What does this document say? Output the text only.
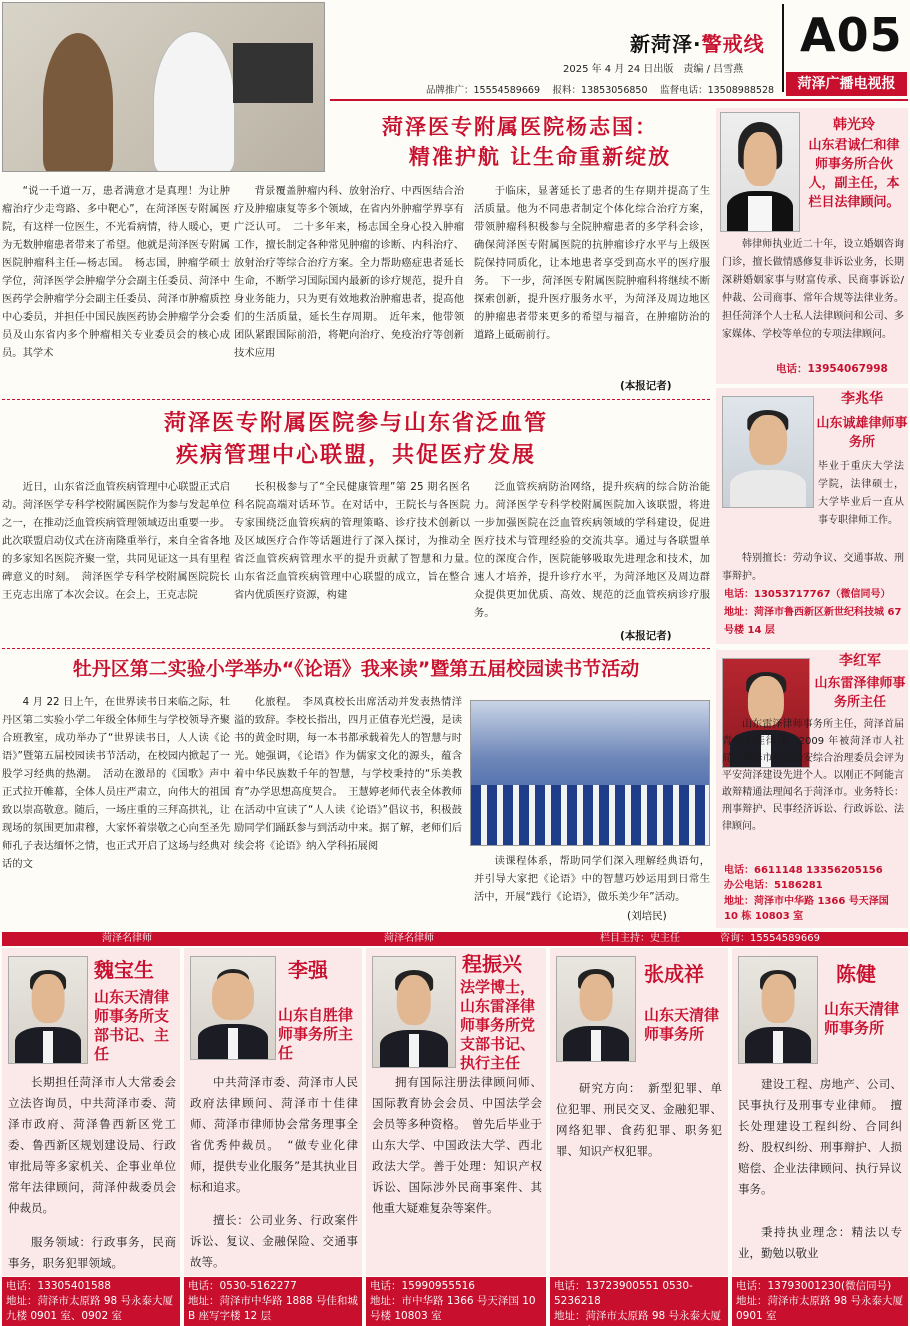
新菏泽·警戒线 A05
2025 年 4 月 24 日出版　责编 / 吕雪燕
品牌推广：15554589669　 报料：13853056850　 监督电话：13508988528	菏泽广播电视报
菏泽医专附属医院杨志国：
精准护航 让生命重新绽放

“说一千道一万，患者满意才是真理！为让肿瘤治疗少走弯路、多中靶心”，在菏泽医专附属医院，有这样一位医生，不光看病情，待人暖心，更为无数肿瘤患者带来了希望。他就是菏泽医专附属医院肿瘤科主任—杨志国。　杨志国，肿瘤学硕士学位，菏泽医学会肿瘤学分会副主任委员、菏泽中医药学会肿瘤学分会副主任委员、菏泽市肿瘤质控中心委员，并担任中国民族医药协会肿瘤学分会委员及山东省内多个肿瘤相关专业委员会的核心成员。其学术

背景覆盖肿瘤内科、放射治疗、中西医结合治疗及肿瘤康复等多个领域，在省内外肿瘤学界享有广泛认可。　二十多年来，杨志国全身心投入肿瘤工作，擅长制定各种常见肿瘤的诊断、内科治疗、放射治疗等综合治疗方案。全力帮助癌症患者延长生命，不断学习国际国内最新的诊疗规范，提升自身业务能力，只为更有效地救治肿瘤患者，提高他们的生活质量，延长生存周期。　近年来，他带领团队紧跟国际前沿，将靶向治疗、免疫治疗等创新技术应用

于临床，显著延长了患者的生存期并提高了生活质量。他为不同患者制定个体化综合治疗方案，带领肿瘤科积极参与全院肿瘤患者的多学科会诊，确保菏泽医专附属医院的抗肿瘤诊疗水平与上级医院保持同质化，让本地患者享受到高水平的医疗服务。　下一步，菏泽医专附属医院肿瘤科将继续不断探索创新，提升医疗服务水平，为菏泽及周边地区的肿瘤患者带来更多的希望与福音，在肿瘤防治的道路上砥砺前行。

(本报记者)
菏泽医专附属医院参与山东省泛血管
疾病管理中心联盟，共促医疗发展

近日，山东省泛血管疾病管理中心联盟正式启动。菏泽医学专科学校附属医院作为参与发起单位之一，在推动泛血管疾病管理领域迈出重要一步。此次联盟启动仪式在济南隆重举行，来自全省各地的多家知名医院齐聚一堂，共同见证这一具有里程碑意义的时刻。　菏泽医学专科学校附属医院院长王克志出席了本次会议。在会上，王克志院

长积极参与了“全民健康管理”第 25 期名医名科名院高端对话环节。在对话中，王院长与各医院专家围绕泛血管疾病的管理策略、诊疗技术创新以及区域医疗合作等话题进行了深入探讨，为推动全省泛血管疾病管理水平的提升贡献了智慧和力量。　山东省泛血管疾病管理中心联盟的成立，旨在整合省内优质医疗资源，构建

泛血管疾病防治网络，提升疾病的综合防治能力。菏泽医学专科学校附属医院加入该联盟，将进一步加强医院在泛血管疾病领域的学科建设，促进医疗技术与管理经验的交流共享。通过与各联盟单位的深度合作，医院能够吸取先进理念和技术，加速人才培养，提升诊疗水平，为菏泽地区及周边群众提供更加优质、高效、规范的泛血管疾病诊疗服务。

(本报记者)
牡丹区第二实验小学举办“《论语》我来读”暨第五届校园读书节活动

4 月 22 日上午，在世界读书日来临之际，牡丹区第二实验小学二年级全体师生与学校领导齐聚合班教室，成功举办了“世界读书日，人人读《论语》”暨第五届校园读书节活动，在校园内掀起了一股学习经典的热潮。　活动在激昂的《国歌》声中正式拉开帷幕，全体人员庄严肃立，向伟大的祖国致以崇高敬意。随后，一场庄重的三拜高拱礼，让现场的氛围更加肃穆，大家怀着崇敬之心向至圣先师孔子表达缅怀之情，也正式开启了这场与经典对话的文

化旅程。　李凤真校长出席活动并发表热情洋溢的致辞。李校长指出，四月正值春光烂漫，是读书的黄金时期，每一本书都承载着先人的智慧与时光。她强调，《论语》作为儒家文化的源头，蕴含着中华民族数千年的智慧，与学校秉持的“乐美教育”办学思想高度契合。　王慧婷老师代表全体教师在活动中宣读了“人人读《论语》”倡议书，积极鼓励同学们踊跃参与到活动中来。据了解，老师们后续会将《论语》纳入学科拓展阅

读课程体系，帮助同学们深入理解经典语句，并引导大家把《论语》中的智慧巧妙运用到日常生活中，开展“践行《论语》，做乐美少年”活动。

(刘培民)
韩光玲
山东君诚仁和律师事务所合伙人，副主任，本栏目法律顾问。

韩律师执业近二十年，设立婚姻咨询门诊，擅长做情感修复非诉讼业务，长期深耕婚姻家事与财富传承、民商事诉讼/仲裁、公司商事、常年合规等法律业务。担任菏泽个人士私人法律顾问和公司、多家媒体、学校等单位的专项法律顾问。

电话：13954067998
李兆华
山东诚雄律师事务所

毕业于重庆大学法学院，法律硕士，大学毕业后一直从事专职律师工作。

特别擅长：劳动争议、交通事故、刑事辩护。

电话：13053717767（微信同号）
地址：菏泽市鲁西新区新世纪科技城 67 号楼 14 层
李红军
山东雷泽律师事务所主任

山东雷泽律师事务所主任，菏泽首届青年十佳律师，2009 年被菏泽市人社局、菏泽市社会治安综合治理委员会评为平安菏泽建设先进个人。以刚正不阿能言敢辩精通法理闻名于菏泽市。业务特长：刑事辩护、民事经济诉讼、行政诉讼、法律顾问。

电话：6611148 13356205156
办公电话：5186281
地址：菏泽市中华路 1366 号天泽国 10 栋 10803 室
菏泽名律师	菏泽名律师	栏目主持：史主任	咨询：15554589669
魏宝生
山东天清律师事务所支部书记、主任

长期担任菏泽市人大常委会立法咨询员，中共菏泽市委、菏泽市政府、菏泽鲁西新区党工委、鲁西新区规划建设局、行政审批局等多家机关、企事业单位常年法律顾问，菏泽仲裁委员会仲裁员。

服务领域：行政事务，民商事务，职务犯罪领域。

电话：13305401588
地址：菏泽市太原路 98 号永泰大厦九楼 0901 室、0902 室
李强
山东自胜律师事务所主任

中共菏泽市委、菏泽市人民政府法律顾问、菏泽市十佳律师、菏泽市律师协会常务理事全省优秀仲裁员。　“做专业化律师，提供专业化服务”是其执业目标和追求。

擅长：公司业务、行政案件诉讼、复议、金融保险、交通事故等。

电话：0530-5162277
地址：菏泽市中华路 1888 号佳和城 B 座写字楼 12 层
程振兴
法学博士，山东雷泽律师事务所党支部书记、执行主任

拥有国际注册法律顾问师、国际教育协会会员、中国法学会会员等多种资格。　曾先后毕业于山东大学、中国政法大学、西北政法大学。善于处理：知识产权诉讼、国际涉外民商事案件、其他重大疑难复杂等案件。

电话：15990955516
地址：市中华路 1366 号天泽国 10 号楼 10803 室
张成祥
山东天清律师事务所

研究方向：　新型犯罪、单位犯罪、刑民交叉、金融犯罪、网络犯罪、食药犯罪、职务犯罪、知识产权犯罪。

电话：13723900551 0530-5236218
地址：菏泽市太原路 98 号永泰大厦
陈健
山东天清律师事务所

建设工程、房地产、公司、民事执行及刑事专业律师。　擅长处理建设工程纠纷、合同纠纷、股权纠纷、刑事辩护、人损赔偿、企业法律顾问、执行异议事务。

秉持执业理念：精法以专业，勤勉以敬业

电话：13793001230(微信同号)
地址：菏泽市太原路 98 号永泰大厦 0901 室
